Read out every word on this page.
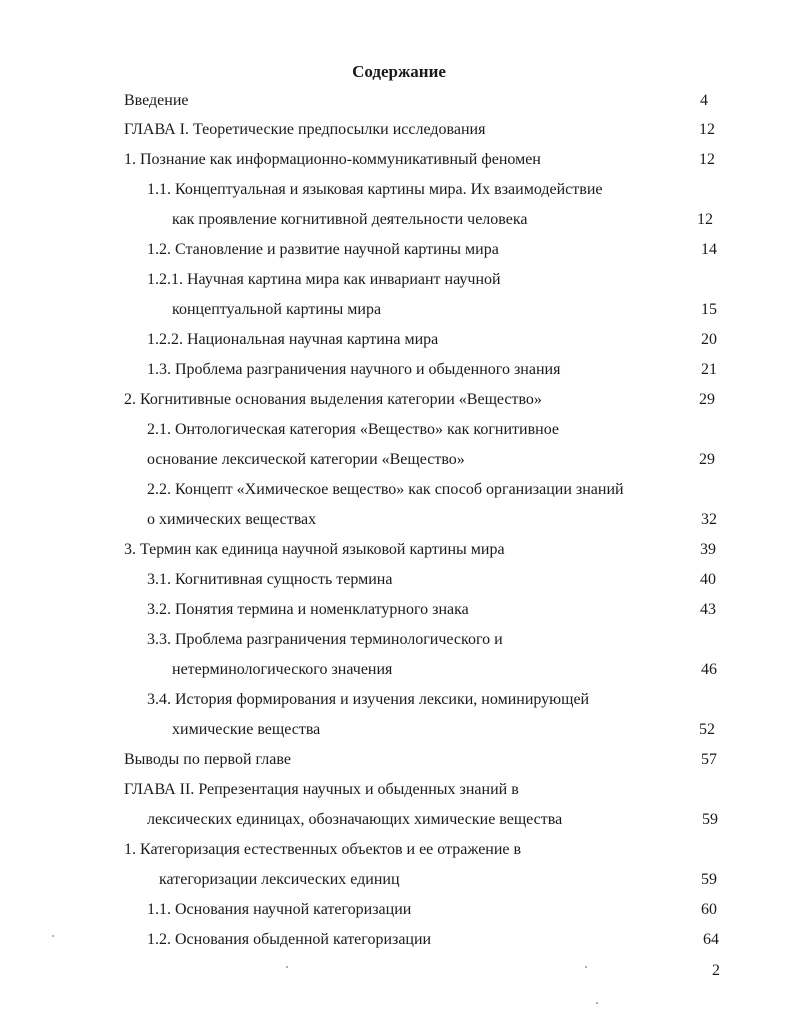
Содержание
Введение
ГЛАВА I. Теоретические предпосылки исследования
1. Познание как информационно-коммуникативный феномен
1.1. Концептуальная и языковая картины мира. Их взаимодействие
как проявление когнитивной деятельности человека
1.2. Становление и развитие научной картины мира
1.2.1. Научная картина мира как инвариант научной
концептуальной картины мира
1.2.2. Национальная научная картина мира
1.3. Проблема разграничения научного и обыденного знания
2. Когнитивные основания выделения категории «Вещество»
2.1. Онтологическая категория «Вещество» как когнитивное
основание лексической категории «Вещество»
2.2. Концепт «Химическое вещество» как способ организации знаний
о химических веществах
3. Термин как единица научной языковой картины мира
3.1. Когнитивная сущность термина
3.2. Понятия термина и номенклатурного знака
3.3. Проблема разграничения терминологического и
нетерминологического значения
3.4. История формирования и изучения лексики, номинирующей
химические вещества
Выводы по первой главе
ГЛАВА II. Репрезентация научных и обыденных знаний в
лексических единицах, обозначающих химические вещества
1. Категоризация естественных объектов и ее отражение в
категоризации лексических единиц
1.1. Основания научной категоризации
1.2. Основания обыденной категоризации
4
12
12
12
14
15
20
21
29
29
32
39
40
43
46
52
57
59
59
60
64
2
